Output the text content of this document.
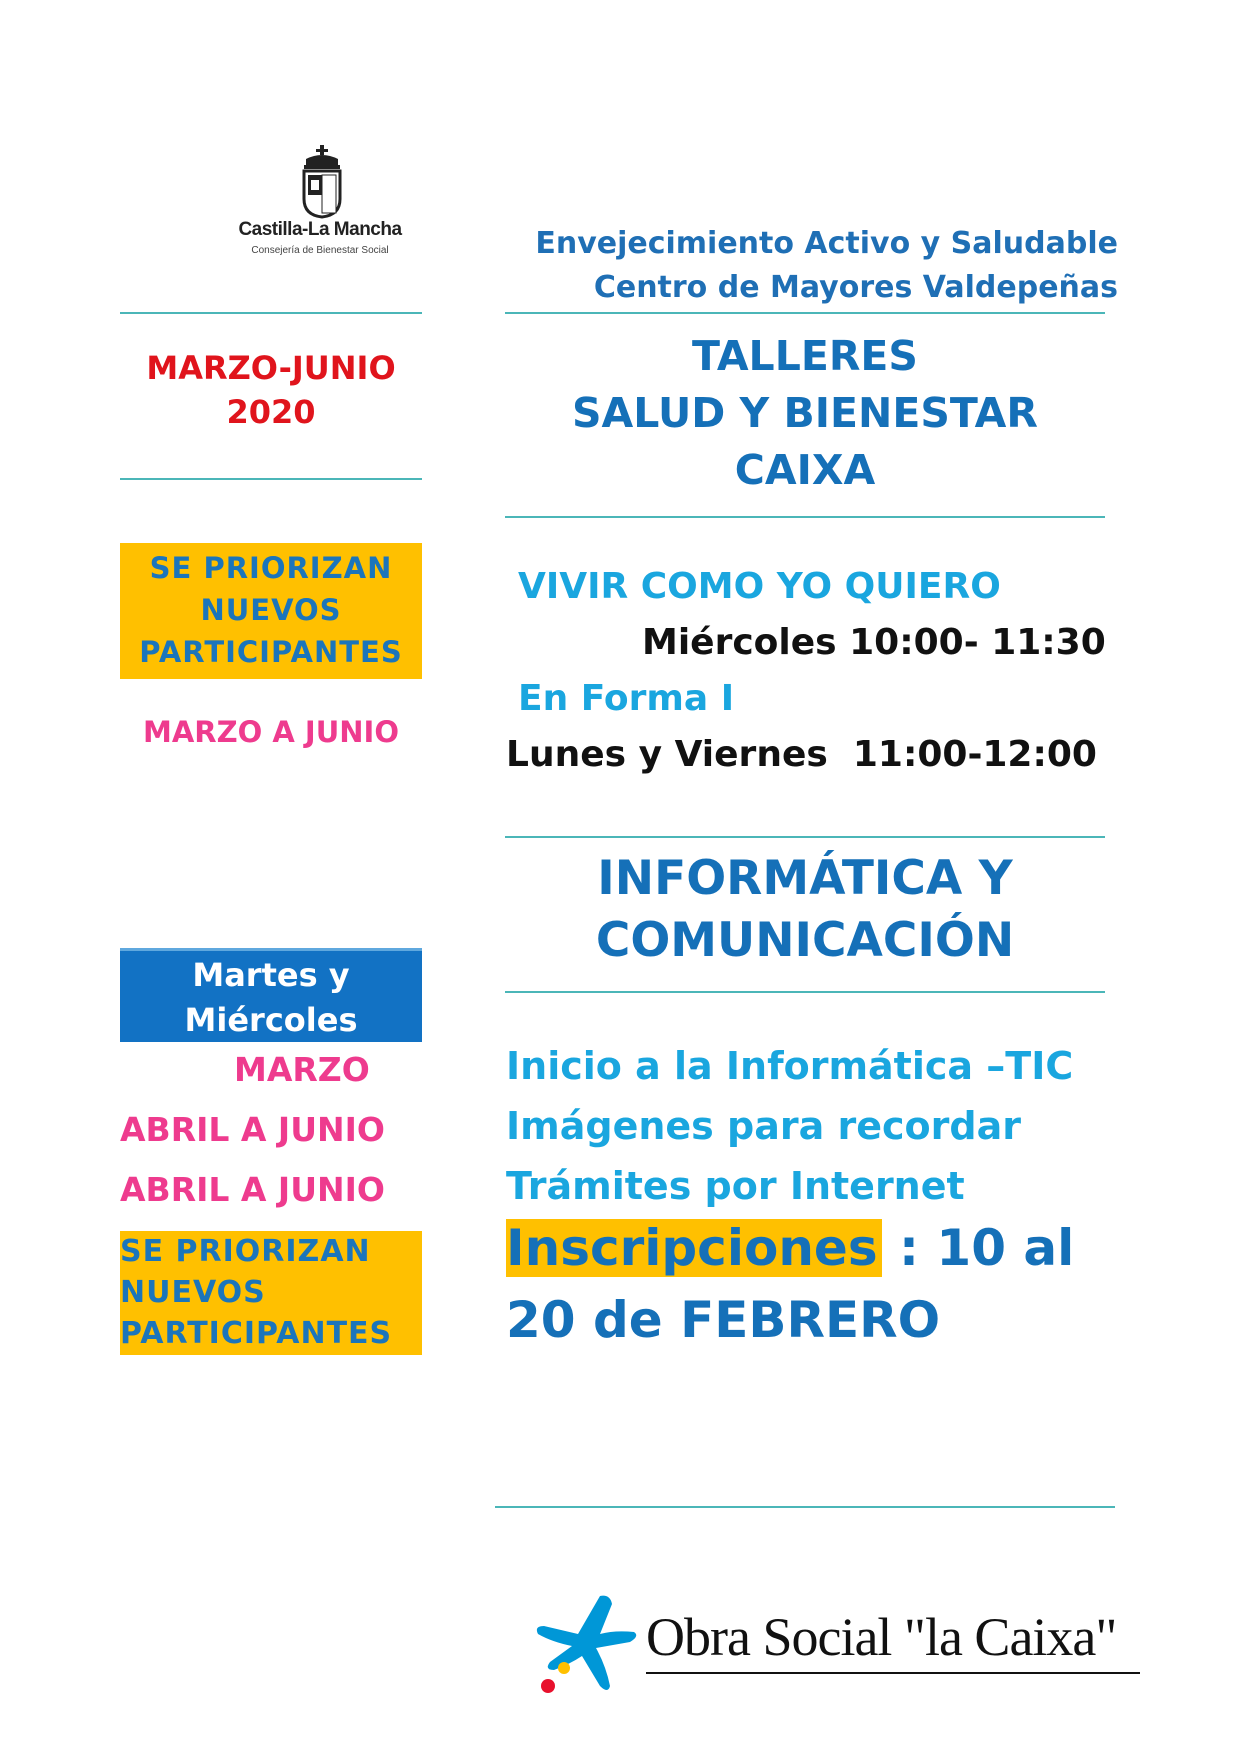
Castilla-La Mancha
Consejería de Bienestar Social	Envejecimiento Activo y Saludable
Centro de Mayores Valdepeñas
MARZO-JUNIO
2020
TALLERES
SALUD Y BIENESTAR
CAIXA
SE PRIORIZAN
NUEVOS
PARTICIPANTES
MARZO A JUNIO
VIVIR COMO YO QUIERO
Miércoles 10:00- 11:30
En Forma I
Lunes y Viernes  11:00-12:00
INFORMÁTICA Y
COMUNICACIÓN
Martes y
Miércoles
MARZO
ABRIL A JUNIO
ABRIL A JUNIO
Inicio a la Informática –TIC
Imágenes para recordar
Trámites por Internet
SE PRIORIZAN
NUEVOS
PARTICIPANTES
Inscripciones : 10 al
20 de FEBRERO
Obra Social "la Caixa"
